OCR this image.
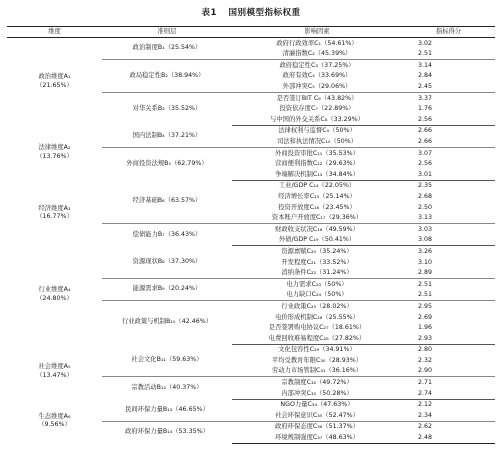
表1 国别模型指标权重
维度	准则层	影响因素	指标得分

政治维度A₁
（21.65%）	政治制度B₁（25.54%）	政府行政效率C₁（54.61%）	3.02
		清廉指数C₂（45.39%）	2.51
	政局稳定性B₂（38.94%）	政府稳定性C₃（37.25%）	3.14
		政府有效C₄（33.69%）	2.84
		外部冲突C₅（29.06%）	2.45
	对华关系B₃（35.52%）	是否签订BIT C₆（43.82%）	3.37
		投资依存度C₇（22.89%）	1.76
		与中国的外交关系C₈（33.29%）	2.56

法律维度A₂
（13.76%）	国内法制B₄（37.21%）	法律权利与监督C₉（50%）	2.66
		司法和执法情况C₁₀（50%）	2.66
	外商投资法规B₅（62.79%）	外商投资审批C₁₁（35.53%）	3.07
		营商便利指数C₁₂（29.63%）	2.56
		争端解决机制C₁₃（34.84%）	3.01

经济维度A₃
（16.77%）	经济基础B₆（63.57%）	工业/GDP C₁₄（22.05%）	2.35
		经济增长率C₁₅（25.14%）	2.68
		投资开放度C₁₆（23.45%）	2.50
		资本账户开放度C₁₇（29.36%）	3.13
	偿债能力B₇（36.43%）	财政收支状况C₁₈（49.59%）	3.03
		外债/GDP C₁₉（50.41%）	3.08

行业维度A₄
（24.80%）	资源现状B₈（37.30%）	资源禀赋C₂₀（35.24%）	3.26
		开发程度C₂₁（33.52%）	3.10
		消纳条件C₂₂（31.24%）	2.89
	能源需求B₉（20.24%）	电力需求C₂₃（50%）	2.51
		电力缺口C₂₄（50%）	2.51
	行业政策与机制B₁₀（42.46%）	行业政策C₂₅（28.02%）	2.95
		电价形成机制C₂₆（25.55%）	2.69
		是否签署购电协议C₂₇（18.61%）	1.96
		电费回收难易程度C₂₈（27.82%）	2.93

社会维度A₅
（13.47%）	社会文化B₁₁（59.63%）	文化包容性C₂₉（34.91%）	2.80
		平均受教育年限C₃₀（28.93%）	2.32
		劳动力市场管制C₃₁（36.16%）	2.90
	宗教活动B₁₂（40.37%）	宗教制度C₃₂（49.72%）	2.71
		内部冲突C₃₃（50.28%）	2.74

生态维度A₆
（9.56%）	民间环保力量B₁₃（46.65%）	NGO力量C₃₄（47.63%）	2.12
		社会环保意识C₃₅（52.47%）	2.34
	政府环保力量B₁₄（53.35%）	政府环保态度C₃₆（51.37%）	2.62
		环境规制强度C₃₇（48.63%）	2.48
